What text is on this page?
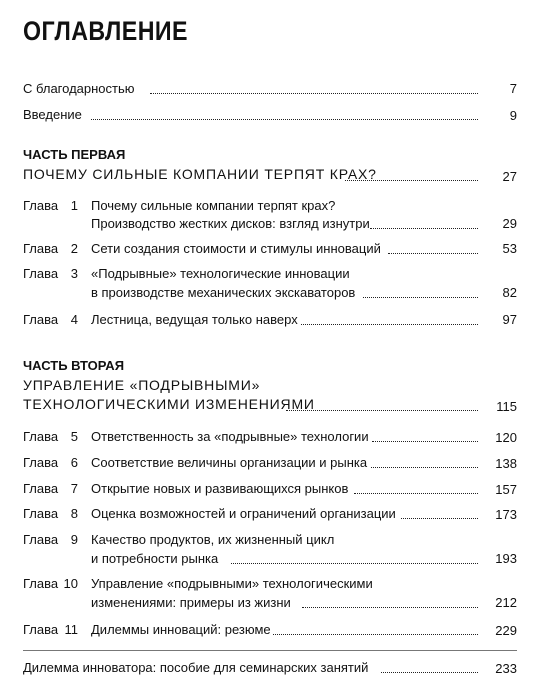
ОГЛАВЛЕНИЕ
С благодарностью	7
Введение	9
ЧАСТЬ ПЕРВАЯ
ПОЧЕМУ СИЛЬНЫЕ КОМПАНИИ ТЕРПЯТ КРАХ?	27
Глава 1 Почему сильные компании терпят крах?
Производство жестких дисков: взгляд изнутри	29
Глава 2 Сети создания стоимости и стимулы инноваций	53
Глава 3 «Подрывные» технологические инновации
в производстве механических экскаваторов	82
Глава 4 Лестница, ведущая только наверх	97
ЧАСТЬ ВТОРАЯ
УПРАВЛЕНИЕ «ПОДРЫВНЫМИ»
ТЕХНОЛОГИЧЕСКИМИ ИЗМЕНЕНИЯМИ	115
Глава 5 Ответственность за «подрывные» технологии	120
Глава 6 Соответствие величины организации и рынка	138
Глава 7 Открытие новых и развивающихся рынков	157
Глава 8 Оценка возможностей и ограничений организации	173
Глава 9 Качество продуктов, их жизненный цикл
и потребности рынка	193
Глава 10 Управление «подрывными» технологическими
изменениями: примеры из жизни	212
Глава 11 Дилеммы инноваций: резюме	229
Дилемма инноватора: пособие для семинарских занятий	233
